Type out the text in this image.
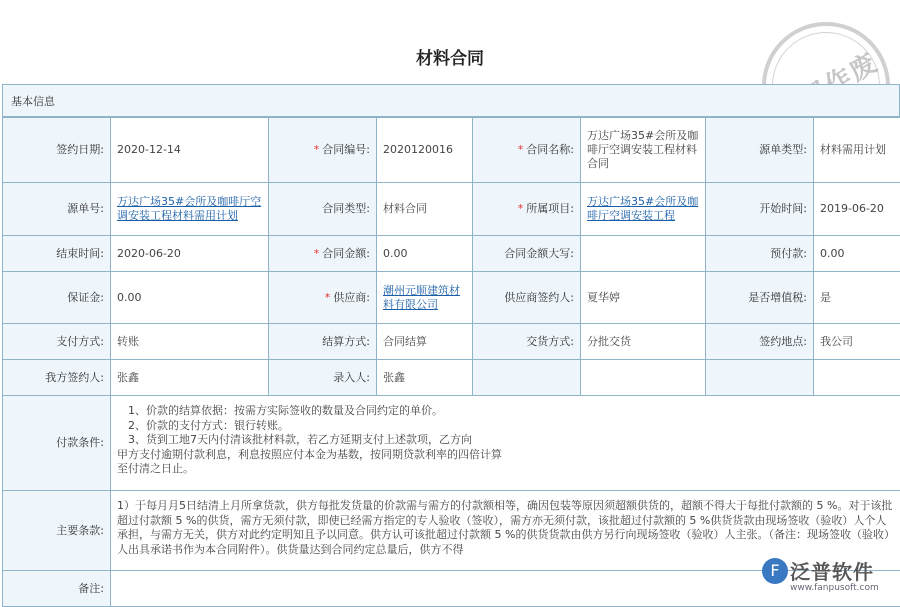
材料合同
基本信息
签约日期:	2020-12-14	* 合同编号:	2020120016	* 合同名称:	万达广场35#会所及咖啡厅空调安装工程材料合同	源单类型:	材料需用计划
源单号:	万达广场35#会所及咖啡厅空调安装工程材料需用计划	合同类型:	材料合同	* 所属项目:	万达广场35#会所及咖啡厅空调安装工程	开始时间:	2019-06-20
结束时间:	2020-06-20	* 合同金额:	0.00	合同金额大写:		预付款:	0.00
保证金:	0.00	* 供应商:	潮州元顺建筑材料有限公司	供应商签约人:	夏华婷	是否增值税:	是
支付方式:	转账	结算方式:	合同结算	交货方式:	分批交货	签约地点:	我公司
我方签约人:	张鑫	录入人:	张鑫				
付款条件:	　1、价款的结算依据：按需方实际签收的数量及合同约定的单价。
　2、价款的支付方式：银行转账。
　3、货到工地7天内付清该批材料款，若乙方延期支付上述款项，乙方向
甲方支付逾期付款利息，利息按照应付本金为基数，按同期贷款利率的四倍计算
至付清之日止。						

主要条款:	1）于每月月5日结清上月所拿货款，供方每批发货量的价款需与需方的付款额相等，确因包装等原因须超额供货的，超额不得大于每批付款额的 5 %。对于该批超过付款额 5 %的供货，需方无须付款，即使已经需方指定的专人验收（签收），需方亦无须付款，该批超过付款额的 5 %供货货款由现场签收（验收）人个人承担，与需方无关，供方对此约定明知且予以同意。供方认可该批超过付款额 5 %的供货货款由供方另行向现场签收（验收）人主张。（备注：现场签收（验收）人出具承诺书作为本合同附件）。供货量达到合同约定总量后，供方不得						
备注:							
F 泛普软件
www.fanpusoft.com
